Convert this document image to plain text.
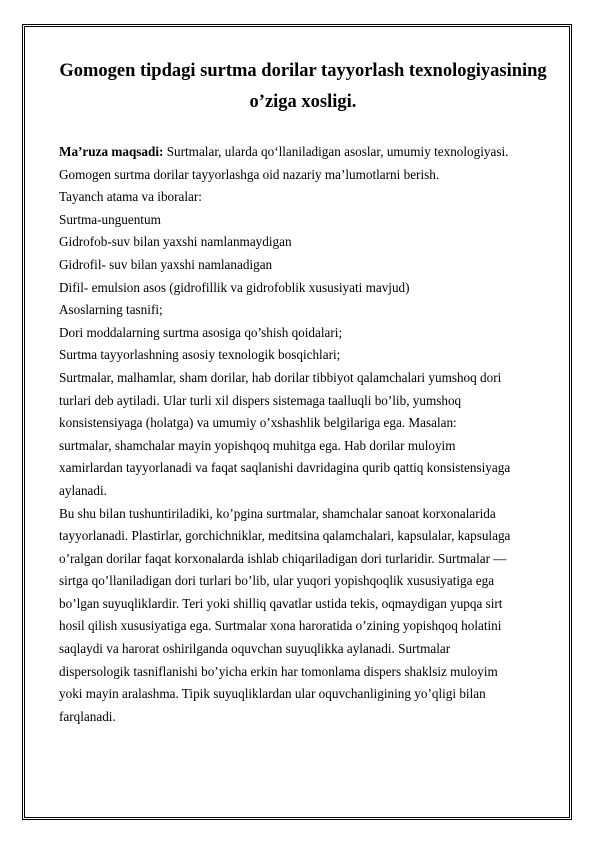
Gomogen tipdagi surtma dorilar tayyorlash texnologiyasining
o’ziga xosligi.
Ma’ruza maqsadi: Surtmalar, ularda qo‘llaniladigan asoslar, umumiy texnologiyasi.
Gomogen surtma dorilar tayyorlashga oid nazariy ma’lumotlarni berish.
Tayanch atama va iboralar:
Surtma-unguentum
Gidrofob-suv bilan yaxshi namlanmaydigan
Gidrofil- suv bilan yaxshi namlanadigan
Difil- emulsion asos (gidrofillik va gidrofoblik xususiyati mavjud)
Asoslarning tasnifi;
Dori moddalarning surtma asosiga qo’shish qoidalari;
Surtma tayyorlashning asosiy texnologik bosqichlari;
Surtmalar, malhamlar, sham dorilar, hab dorilar tibbiyot qalamchalari yumshoq dori
turlari deb aytiladi. Ular turli xil dispers sistemaga taalluqli bo’lib, yumshoq
konsistensiyaga (holatga) va umumiy o’xshashlik belgilariga ega. Masalan:
surtmalar, shamchalar mayin yopishqoq muhitga ega. Hab dorilar muloyim
xamirlardan tayyorlanadi va faqat saqlanishi davridagina qurib qattiq konsistensiyaga
aylanadi.
Bu shu bilan tushuntiriladiki, ko’pgina surtmalar, shamchalar sanoat korxonalarida
tayyorlanadi. Plastirlar, gorchichniklar, meditsina qalamchalari, kapsulalar, kapsulaga
o’ralgan dorilar faqat korxonalarda ishlab chiqariladigan dori turlaridir. Surtmalar —
sirtga qo’llaniladigan dori turlari bo’lib, ular yuqori yopishqoqlik xususiyatiga ega
bo’lgan suyuqliklardir. Teri yoki shilliq qavatlar ustida tekis, oqmaydigan yupqa sirt
hosil qilish xususiyatiga ega. Surtmalar xona haroratida o’zining yopishqoq holatini
saqlaydi va harorat oshirilganda oquvchan suyuqlikka aylanadi. Surtmalar
dispersologik tasniflanishi bo’yicha erkin har tomonlama dispers shaklsiz muloyim
yoki mayin aralashma. Tipik suyuqliklardan ular oquvchanligining yo’qligi bilan
farqlanadi.
